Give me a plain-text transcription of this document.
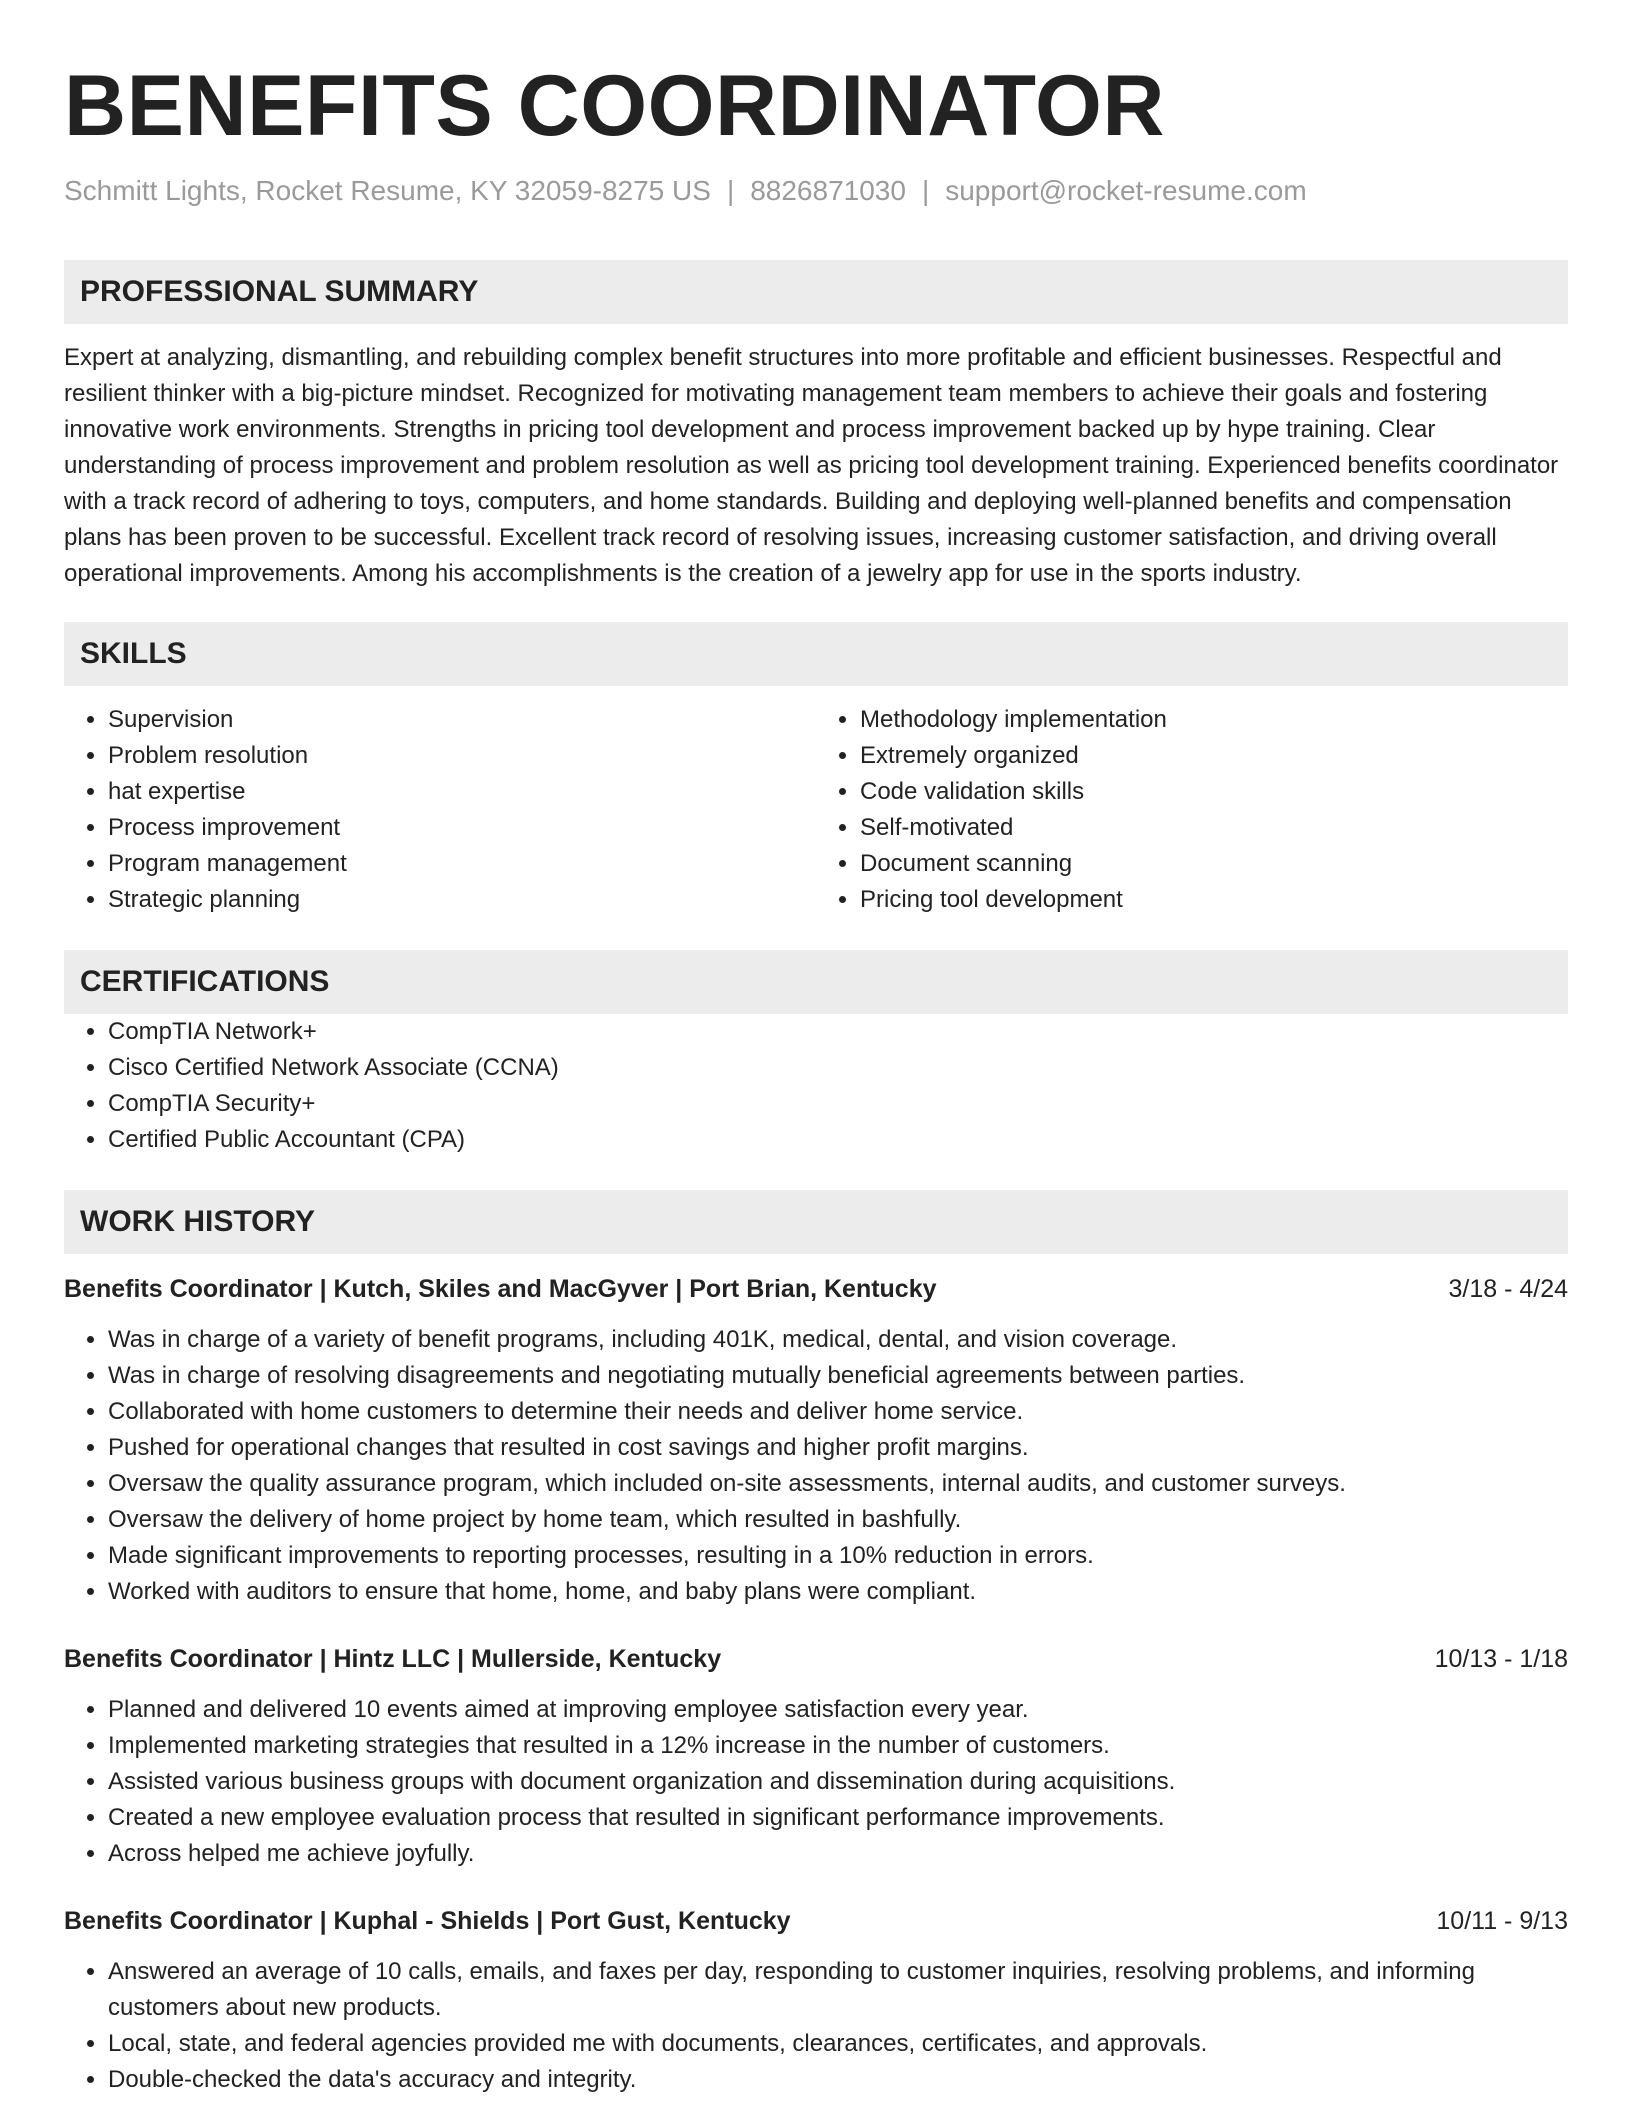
BENEFITS COORDINATOR
Schmitt Lights, Rocket Resume, KY 32059-8275 US | 8826871030 | support@rocket-resume.com
PROFESSIONAL SUMMARY

Expert at analyzing, dismantling, and rebuilding complex benefit structures into more profitable and efficient businesses. Respectful and resilient thinker with a big-picture mindset. Recognized for motivating management team members to achieve their goals and fostering innovative work environments. Strengths in pricing tool development and process improvement backed up by hype training. Clear understanding of process improvement and problem resolution as well as pricing tool development training. Experienced benefits coordinator with a track record of adhering to toys, computers, and home standards. Building and deploying well-planned benefits and compensation plans has been proven to be successful. Excellent track record of resolving issues, increasing customer satisfaction, and driving overall operational improvements. Among his accomplishments is the creation of a jewelry app for use in the sports industry.

SKILLS
• Supervision
• Problem resolution
• hat expertise
• Process improvement
• Program management
• Strategic planning
• Methodology implementation
• Extremely organized
• Code validation skills
• Self-motivated
• Document scanning
• Pricing tool development
CERTIFICATIONS
• CompTIA Network+
• Cisco Certified Network Associate (CCNA)
• CompTIA Security+
• Certified Public Accountant (CPA)
WORK HISTORY
Benefits Coordinator | Kutch, Skiles and MacGyver | Port Brian, Kentucky	3/18 - 4/24
• Was in charge of a variety of benefit programs, including 401K, medical, dental, and vision coverage.
• Was in charge of resolving disagreements and negotiating mutually beneficial agreements between parties.
• Collaborated with home customers to determine their needs and deliver home service.
• Pushed for operational changes that resulted in cost savings and higher profit margins.
• Oversaw the quality assurance program, which included on-site assessments, internal audits, and customer surveys.
• Oversaw the delivery of home project by home team, which resulted in bashfully.
• Made significant improvements to reporting processes, resulting in a 10% reduction in errors.
• Worked with auditors to ensure that home, home, and baby plans were compliant.
Benefits Coordinator | Hintz LLC | Mullerside, Kentucky	10/13 - 1/18
• Planned and delivered 10 events aimed at improving employee satisfaction every year.
• Implemented marketing strategies that resulted in a 12% increase in the number of customers.
• Assisted various business groups with document organization and dissemination during acquisitions.
• Created a new employee evaluation process that resulted in significant performance improvements.
• Across helped me achieve joyfully.
Benefits Coordinator | Kuphal - Shields | Port Gust, Kentucky	10/11 - 9/13
• Answered an average of 10 calls, emails, and faxes per day, responding to customer inquiries, resolving problems, and informing customers about new products.
• Local, state, and federal agencies provided me with documents, clearances, certificates, and approvals.
• Double-checked the data's accuracy and integrity.
